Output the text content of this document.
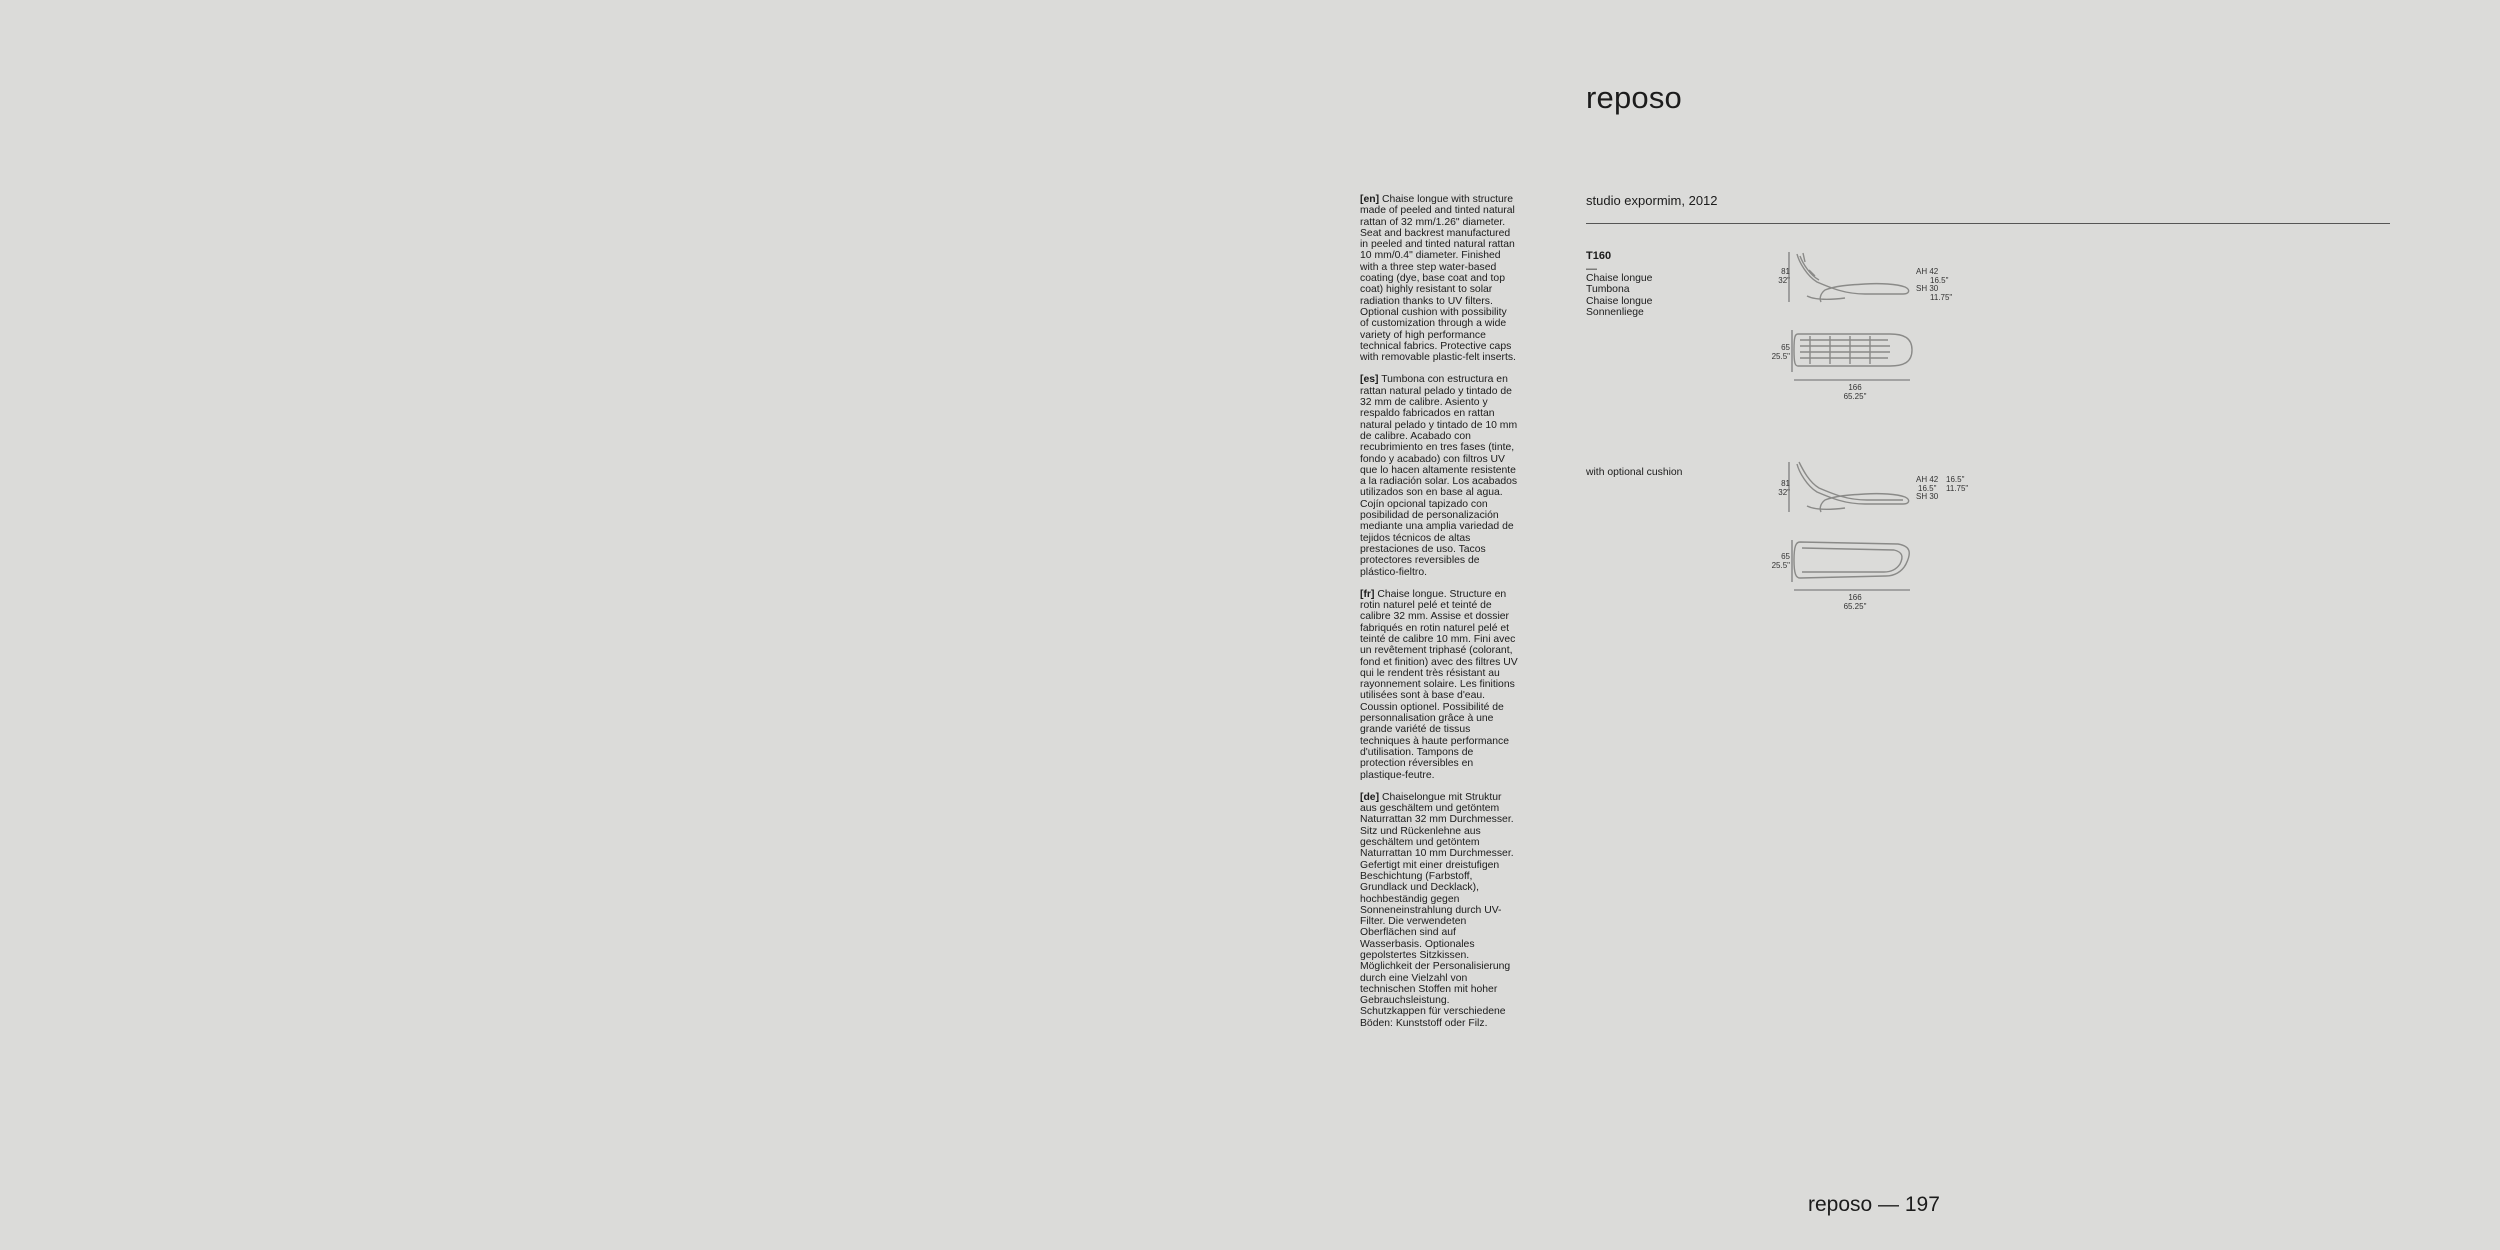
reposo
studio expormim, 2012

[en] Chaise longue with structure made of peeled and tinted natural rattan of 32 mm/1.26" diameter. Seat and backrest manufactured in peeled and tinted natural rattan 10 mm/0.4" diameter. Finished with a three step water-based coating (dye, base coat and top coat) highly resistant to solar radiation thanks to UV filters. Optional cushion with possibility of customization through a wide variety of high performance technical fabrics. Protective caps with removable plastic-felt inserts.

[es] Tumbona con estructura en rattan natural pelado y tintado de 32 mm de calibre. Asiento y respaldo fabricados en rattan natural pelado y tintado de 10 mm de calibre. Acabado con recubrimiento en tres fases (tinte, fondo y acabado) con filtros UV que lo hacen altamente resistente a la radiación solar. Los acabados utilizados son en base al agua. Cojín opcional tapizado con posibilidad de personalización mediante una amplia variedad de tejidos técnicos de altas prestaciones de uso. Tacos protectores reversibles de plástico-fieltro.

[fr] Chaise longue. Structure en rotin naturel pelé et teinté de calibre 32 mm. Assise et dossier fabriqués en rotin naturel pelé et teinté de calibre 10 mm. Fini avec un revêtement triphasé (colorant, fond et finition) avec des filtres UV qui le rendent très résistant au rayonnement solaire. Les finitions utilisées sont à base d'eau. Coussin optionel. Possibilité de personnalisation grâce à une grande variété de tissus techniques à haute performance d'utilisation. Tampons de protection réversibles en plastique-feutre.

[de] Chaiselongue mit Struktur aus geschältem und getöntem Naturrattan 32 mm Durchmesser. Sitz und Rückenlehne aus geschältem und getöntem Naturrattan 10 mm Durchmesser. Gefertigt mit einer dreistufigen Beschichtung (Farbstoff, Grundlack und Decklack), hochbeständig gegen Sonneneinstrahlung durch UV-Filter. Die verwendeten Oberflächen sind auf Wasserbasis. Optionales gepolstertes Sitzkissen. Möglichkeit der Personalisierung durch eine Vielzahl von technischen Stoffen mit hoher Gebrauchsleistung. Schutzkappen für verschiedene Böden: Kunststoff oder Filz.

T160
—
Chaise longue
Tumbona
Chaise longue
Sonnenliege
81
32"
AH 42
16.5"
SH 30
11.75"
65
25.5"
166
65.25"
with optional cushion
81
32"
AH 42
16.5"
SH 30

16.5"
11.75"
65
25.5"
166
65.25"
reposo — 197
